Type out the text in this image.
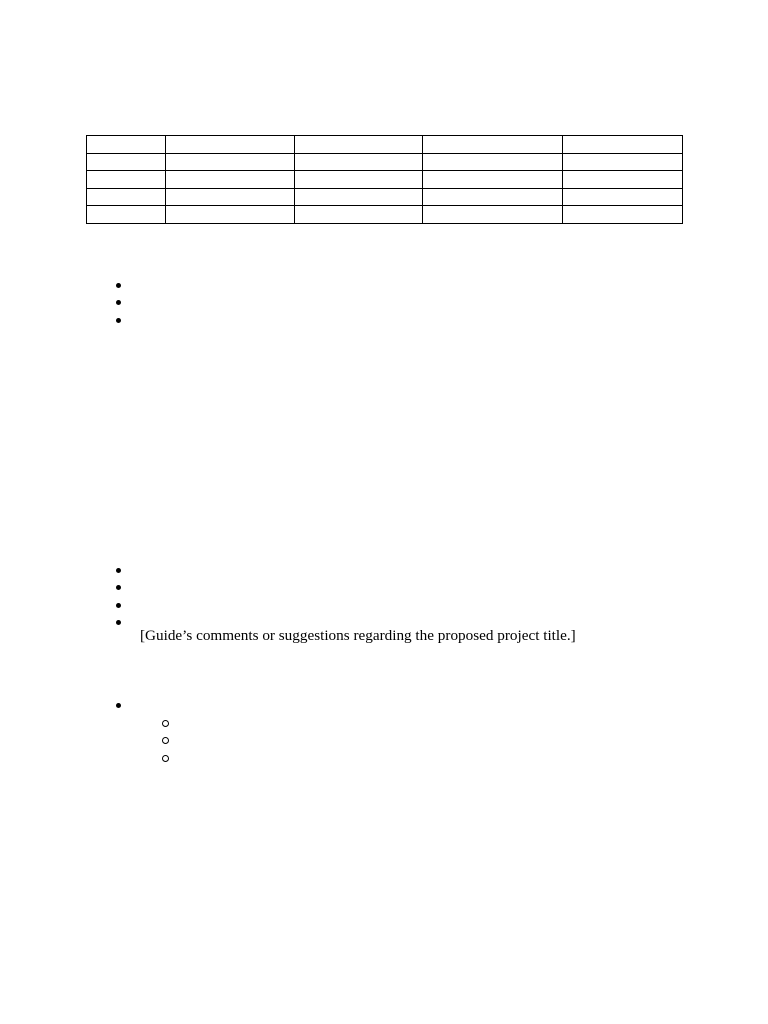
[Guide’s comments or suggestions regarding the proposed project title.]
